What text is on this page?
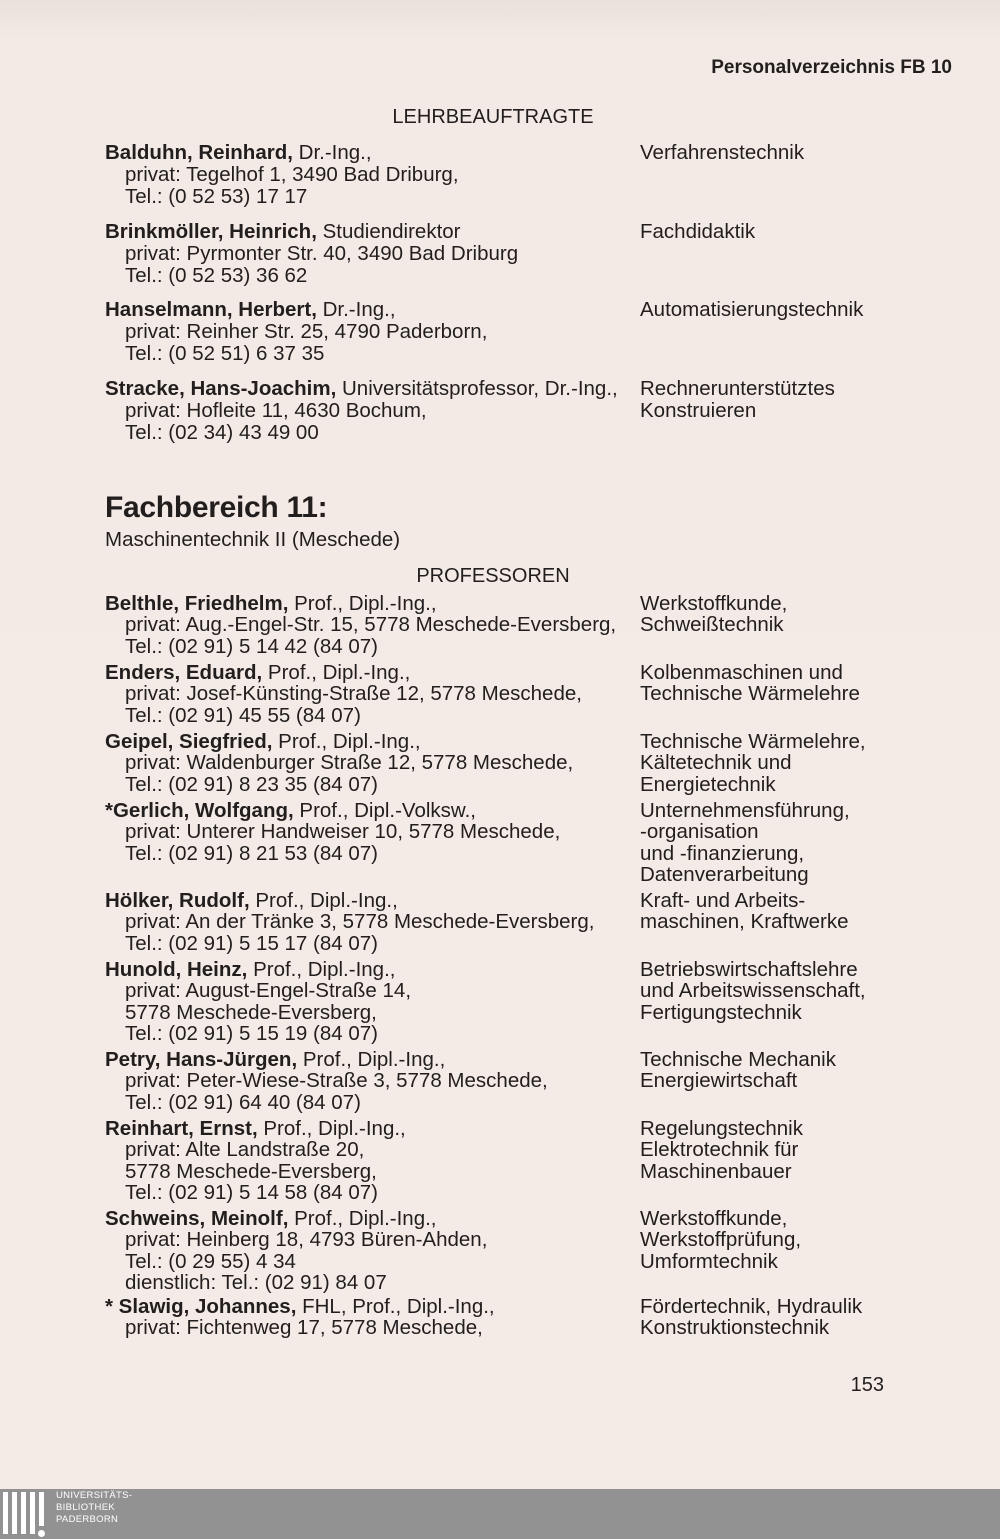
Personalverzeichnis FB 10
LEHRBEAUFTRAGTE
Balduhn, Reinhard, Dr.-Ing.,
privat: Tegelhof 1, 3490 Bad Driburg,
Tel.: (0 52 53) 17 17
Verfahrenstechnik
Brinkmöller, Heinrich, Studiendirektor
privat: Pyrmonter Str. 40, 3490 Bad Driburg
Tel.: (0 52 53) 36 62
Fachdidaktik
Hanselmann, Herbert, Dr.-Ing.,
privat: Reinher Str. 25, 4790 Paderborn,
Tel.: (0 52 51) 6 37 35
Automatisierungstechnik
Stracke, Hans-Joachim, Universitätsprofessor, Dr.-Ing.,
privat: Hofleite 11, 4630 Bochum,
Tel.: (02 34) 43 49 00
Rechnerunterstütztes
Konstruieren
Fachbereich 11:
Maschinentechnik II (Meschede)
PROFESSOREN
Belthle, Friedhelm, Prof., Dipl.-Ing.,
privat: Aug.-Engel-Str. 15, 5778 Meschede-Eversberg,
Tel.: (02 91) 5 14 42 (84 07)
Werkstoffkunde,
Schweißtechnik
Enders, Eduard, Prof., Dipl.-Ing.,
privat: Josef-Künsting-Straße 12, 5778 Meschede,
Tel.: (02 91) 45 55 (84 07)
Kolbenmaschinen und
Technische Wärmelehre
Geipel, Siegfried, Prof., Dipl.-Ing.,
privat: Waldenburger Straße 12, 5778 Meschede,
Tel.: (02 91) 8 23 35 (84 07)
Technische Wärmelehre,
Kältetechnik und
Energietechnik
*Gerlich, Wolfgang, Prof., Dipl.-Volksw.,
privat: Unterer Handweiser 10, 5778 Meschede,
Tel.: (02 91) 8 21 53 (84 07)
Unternehmensführung,
-organisation
und -finanzierung,
Datenverarbeitung
Hölker, Rudolf, Prof., Dipl.-Ing.,
privat: An der Tränke 3, 5778 Meschede-Eversberg,
Tel.: (02 91) 5 15 17 (84 07)
Kraft- und Arbeits-
maschinen, Kraftwerke
Hunold, Heinz, Prof., Dipl.-Ing.,
privat: August-Engel-Straße 14,
5778 Meschede-Eversberg,
Tel.: (02 91) 5 15 19 (84 07)
Betriebswirtschaftslehre
und Arbeitswissenschaft,
Fertigungstechnik
Petry, Hans-Jürgen, Prof., Dipl.-Ing.,
privat: Peter-Wiese-Straße 3, 5778 Meschede,
Tel.: (02 91) 64 40 (84 07)
Technische Mechanik
Energiewirtschaft
Reinhart, Ernst, Prof., Dipl.-Ing.,
privat: Alte Landstraße 20,
5778 Meschede-Eversberg,
Tel.: (02 91) 5 14 58 (84 07)
Regelungstechnik
Elektrotechnik für
Maschinenbauer
Schweins, Meinolf, Prof., Dipl.-Ing.,
privat: Heinberg 18, 4793 Büren-Ahden,
Tel.: (0 29 55) 4 34
dienstlich: Tel.: (02 91) 84 07
Werkstoffkunde,
Werkstoffprüfung,
Umformtechnik
* Slawig, Johannes, FHL, Prof., Dipl.-Ing.,
privat: Fichtenweg 17, 5778 Meschede,
Fördertechnik, Hydraulik
Konstruktionstechnik
153
UNIVERSITÄTS-
BIBLIOTHEK
PADERBORN
